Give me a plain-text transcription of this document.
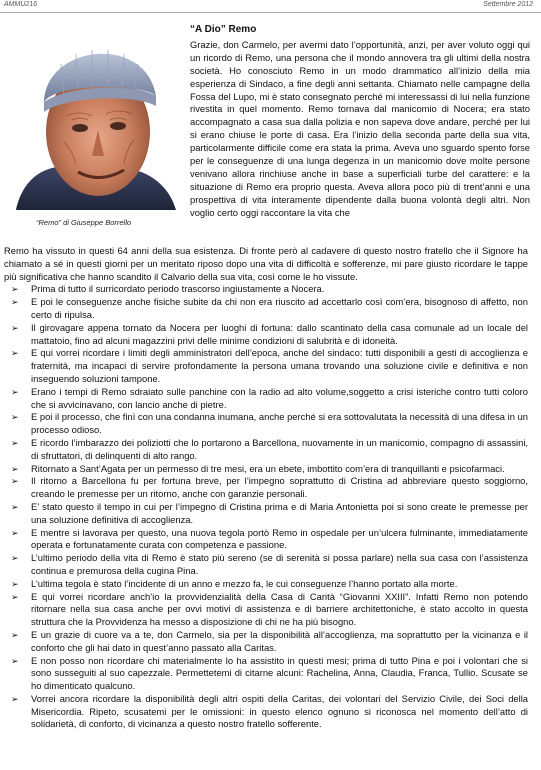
AMMU216	Settembre 2012
“Remo” di Giuseppe Borrello
“A Dio” Remo
Grazie, don Carmelo, per avermi dato l’opportunità, anzi, per aver voluto oggi qui un ricordo di Remo, una persona che il mondo annovera tra gli ultimi della nostra società. Ho conosciuto Remo in un modo drammatico all’inizio della mia esperienza di Sindaco, a fine degli anni settanta. Chiamato nelle campagne della Fossa del Lupo, mi è stato consegnato perché mi interessassi di lui nella funzione rivestita in quel momento. Remo tornava dal manicomio di Nocera; era stato accompagnato a casa sua dalla polizia e non sapeva dove andare, perché per lui si erano chiuse le porte di casa. Era l’inizio della seconda parte della sua vita, particolarmente difficile come era stata la prima. Aveva uno sguardo spento forse per le conseguenze di una lunga degenza in un manicomio dove molte persone venivano allora rinchiuse anche in base a superficiali turbe del carattere: e la situazione di Remo era proprio questa. Aveva allora poco più di trent’anni e una prospettiva di vita interamente dipendente dalla buona volontà degli altri. Non voglio certo oggi raccontare la vita che

Remo ha vissuto in questi 64 anni della sua esistenza. Di fronte però al cadavere di questo nostro fratello che il Signore ha chiamato a sé in questi giorni per un meritato riposo dopo una vita di difficoltà e sofferenze, mi pare giusto ricordare le tappe più significativa che hanno scandito il Calvario della sua vita, così come le ho vissute.

➢ Prima di tutto il surricordato periodo trascorso ingiustamente a Nocera.
➢ E poi le conseguenze anche fisiche subite da chi non era riuscito ad accettarlo così com’era, bisognoso di affetto, non certo di ripulsa.
➢ Il girovagare appena tornato da Nocera per luoghi di fortuna: dallo scantinato della casa comunale ad un locale del mattatoio, fino ad alcuni magazzini privi delle minime condizioni di salubrità e di idoneità.
➢ E qui vorrei ricordare i limiti degli amministratori dell’epoca, anche del sindaco: tutti disponibili a gesti di accoglienza e fraternità, ma incapaci di servire profondamente la persona umana trovando una soluzione civile e definitiva e non inseguendo soluzioni tampone.
➢ Erano i tempi di Remo sdraiato sulle panchine con la radio ad alto volume,soggetto a crisi isteriche contro tutti coloro che si avvicinavano, con lancio anche di pietre.
➢ E poi il processo, che finì con una condanna inumana, anche perché si era sottovalutata la necessità di una difesa in un processo odioso.
➢ E ricordo l’imbarazzo dei poliziotti che lo portarono a Barcellona, nuovamente in un manicomio, compagno di assassini, di sfruttatori, di delinquenti di alto rango.
➢ Ritornato a Sant’Agata per un permesso di tre mesi, era un ebete, imbottito com’era di tranquillanti e psicofarmaci.
➢ Il ritorno a Barcellona fu per fortuna breve, per l’impegno soprattutto di Cristina ad abbreviare questo soggiorno, creando le premesse per un ritorno, anche con garanzie personali.
➢ E’ stato questo il tempo in cui per l’impegno di Cristina prima e di Maria Antonietta poi si sono create le premesse per una soluzione definitiva di accoglienza.
➢ E mentre si lavorava per questo, una nuova tegola portò Remo in ospedale per un’ulcera fulminante, immediatamente operata e fortunatamente curata con competenza e passione.
➢ L’ultimo periodo della vita di Remo è stato più sereno (se di serenità si possa parlare) nella sua casa con l’assistenza continua e premurosa della cugina Pina.
➢ L’ultima tegola è stato l’incidente di un anno e mezzo fa, le cui conseguenze l’hanno portato alla morte.
➢ E qui vorrei ricordare anch’io la provvidenzialità della Casa di Carità “Giovanni XXIII”. Infatti Remo non potendo ritornare nella sua casa anche per ovvi motivi di assistenza e di barriere architettoniche, è stato accolto in questa struttura che la Provvidenza ha messo a disposizione di chi ne ha più bisogno.
➢ E un grazie di cuore va a te, don Carmelo, sia per la disponibilità all’accoglienza, ma soprattutto per la vicinanza e il conforto che gli hai dato in quest’anno passato alla Caritas.
➢ E non posso non ricordare chi materialmente lo ha assistito in questi mesi; prima di tutto Pina e poi i volontari che si sono susseguiti al suo capezzale. Permettetemi di citarne alcuni: Rachelina, Anna, Claudia, Franca, Tullio. Scusate se ho dimenticato qualcuno.
➢ Vorrei ancora ricordare la disponibilità degli altri ospiti della Caritas, dei volontari del Servizio Civile, dei Soci della Misericordia. Ripeto, scusatemi per le omissioni: in questo elenco ognuno si riconosca nel momento dell’atto di solidarietà, di conforto, di vicinanza a questo nostro fratello sofferente.
